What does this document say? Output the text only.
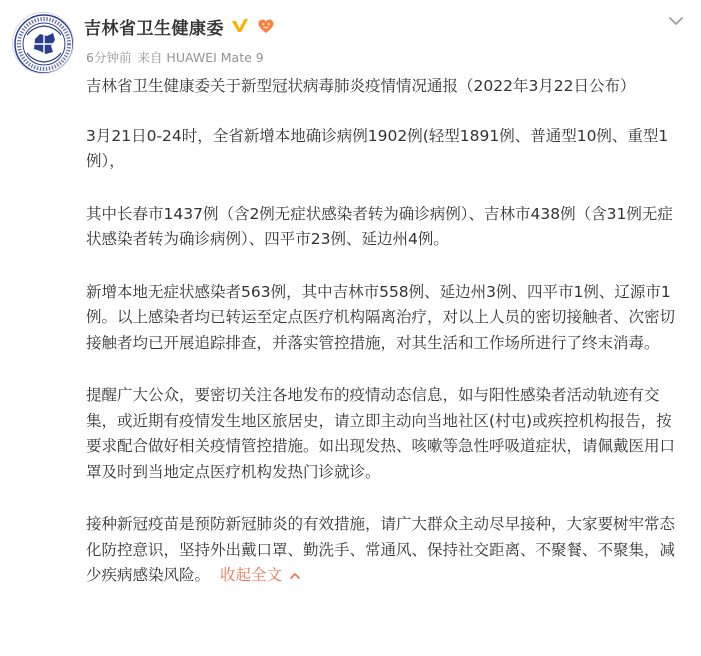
吉林省卫生健康委
6分钟前 来自 HUAWEI Mate 9

吉林省卫生健康委关于新型冠状病毒肺炎疫情情况通报（2022年3月22日公布）

3月21日0-24时，全省新增本地确诊病例1902例(轻型1891例、普通型10例、重型1例），

其中长春市1437例（含2例无症状感染者转为确诊病例）、吉林市438例（含31例无症状感染者转为确诊病例）、四平市23例、延边州4例。

新增本地无症状感染者563例，其中吉林市558例、延边州3例、四平市1例、辽源市1例。以上感染者均已转运至定点医疗机构隔离治疗，对以上人员的密切接触者、次密切接触者均已开展追踪排查，并落实管控措施，对其生活和工作场所进行了终末消毒。

提醒广大公众，要密切关注各地发布的疫情动态信息，如与阳性感染者活动轨迹有交集，或近期有疫情发生地区旅居史，请立即主动向当地社区(村屯)或疾控机构报告，按要求配合做好相关疫情管控措施。如出现发热、咳嗽等急性呼吸道症状，请佩戴医用口罩及时到当地定点医疗机构发热门诊就诊。

接种新冠疫苗是预防新冠肺炎的有效措施，请广大群众主动尽早接种，大家要树牢常态化防控意识，坚持外出戴口罩、勤洗手、常通风、保持社交距离、不聚餐、不聚集，减少疾病感染风险。 收起全文
